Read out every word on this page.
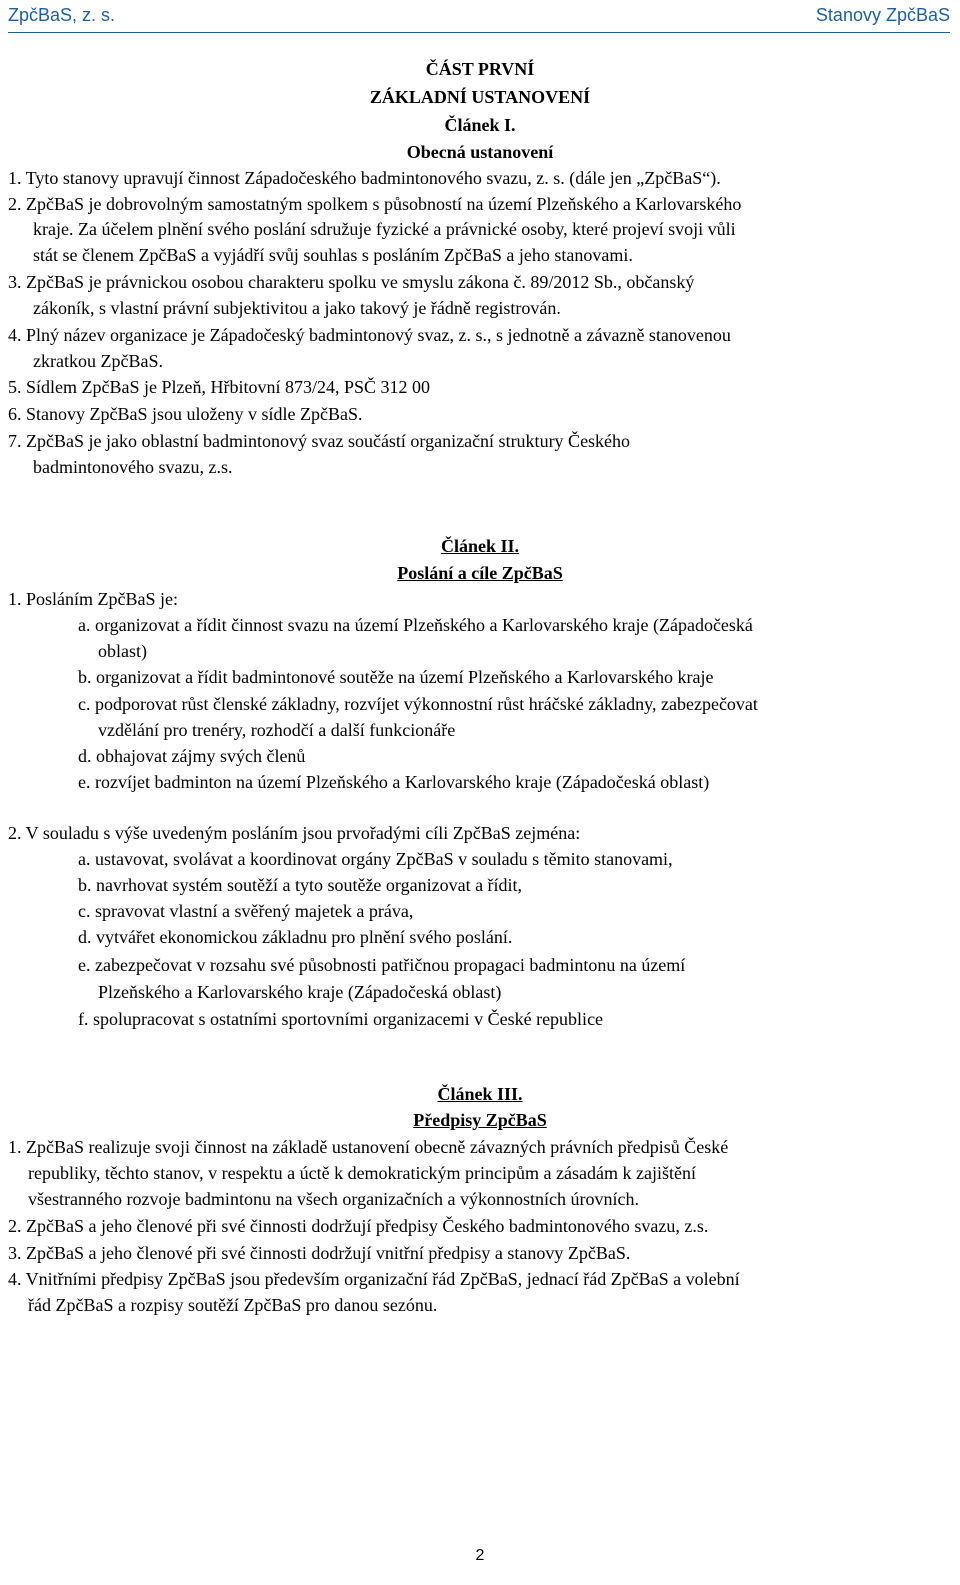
ZpčBaS, z. s.	Stanovy ZpčBaS
ČÁST PRVNÍ
ZÁKLADNÍ USTANOVENÍ
Článek I.
Obecná ustanovení
1. Tyto stanovy upravují činnost Západočeského badmintonového svazu, z. s. (dále jen „ZpčBaS“).
2. ZpčBaS je dobrovolným samostatným spolkem s působností na území Plzeňského a Karlovarského
kraje. Za účelem plnění svého poslání sdružuje fyzické a právnické osoby, které projeví svoji vůli
stát se členem ZpčBaS a vyjádří svůj souhlas s posláním ZpčBaS a jeho stanovami.
3. ZpčBaS je právnickou osobou charakteru spolku ve smyslu zákona č. 89/2012 Sb., občanský
zákoník, s vlastní právní subjektivitou a jako takový je řádně registrován.
4. Plný název organizace je Západočeský badmintonový svaz, z. s., s jednotně a závazně stanovenou
zkratkou ZpčBaS.
5. Sídlem ZpčBaS je Plzeň, Hřbitovní 873/24, PSČ 312 00
6. Stanovy ZpčBaS jsou uloženy v sídle ZpčBaS.
7. ZpčBaS je jako oblastní badmintonový svaz součástí organizační struktury Českého
badmintonového svazu, z.s.
Článek II.
Poslání a cíle ZpčBaS
1. Posláním ZpčBaS je:
a. organizovat a řídit činnost svazu na území Plzeňského a Karlovarského kraje (Západočeská
oblast)
b. organizovat a řídit badmintonové soutěže na území Plzeňského a Karlovarského kraje
c. podporovat růst členské základny, rozvíjet výkonnostní růst hráčské základny, zabezpečovat
vzdělání pro trenéry, rozhodčí a další funkcionáře
d. obhajovat zájmy svých členů
e. rozvíjet badminton na území Plzeňského a Karlovarského kraje (Západočeská oblast)
2. V souladu s výše uvedeným posláním jsou prvořadými cíli ZpčBaS zejména:
a. ustavovat, svolávat a koordinovat orgány ZpčBaS v souladu s těmito stanovami,
b. navrhovat systém soutěží a tyto soutěže organizovat a řídit,
c. spravovat vlastní a svěřený majetek a práva,
d. vytvářet ekonomickou základnu pro plnění svého poslání.
e. zabezpečovat v rozsahu své působnosti patřičnou propagaci badmintonu na území
Plzeňského a Karlovarského kraje (Západočeská oblast)
f. spolupracovat s ostatními sportovními organizacemi v České republice
Článek III.
Předpisy ZpčBaS
1. ZpčBaS realizuje svoji činnost na základě ustanovení obecně závazných právních předpisů České
republiky, těchto stanov, v respektu a úctě k demokratickým principům a zásadám k zajištění
všestranného rozvoje badmintonu na všech organizačních a výkonnostních úrovních.
2. ZpčBaS a jeho členové při své činnosti dodržují předpisy Českého badmintonového svazu, z.s.
3. ZpčBaS a jeho členové při své činnosti dodržují vnitřní předpisy a stanovy ZpčBaS.
4. Vnitřními předpisy ZpčBaS jsou především organizační řád ZpčBaS, jednací řád ZpčBaS a volební
řád ZpčBaS a rozpisy soutěží ZpčBaS pro danou sezónu.
2
